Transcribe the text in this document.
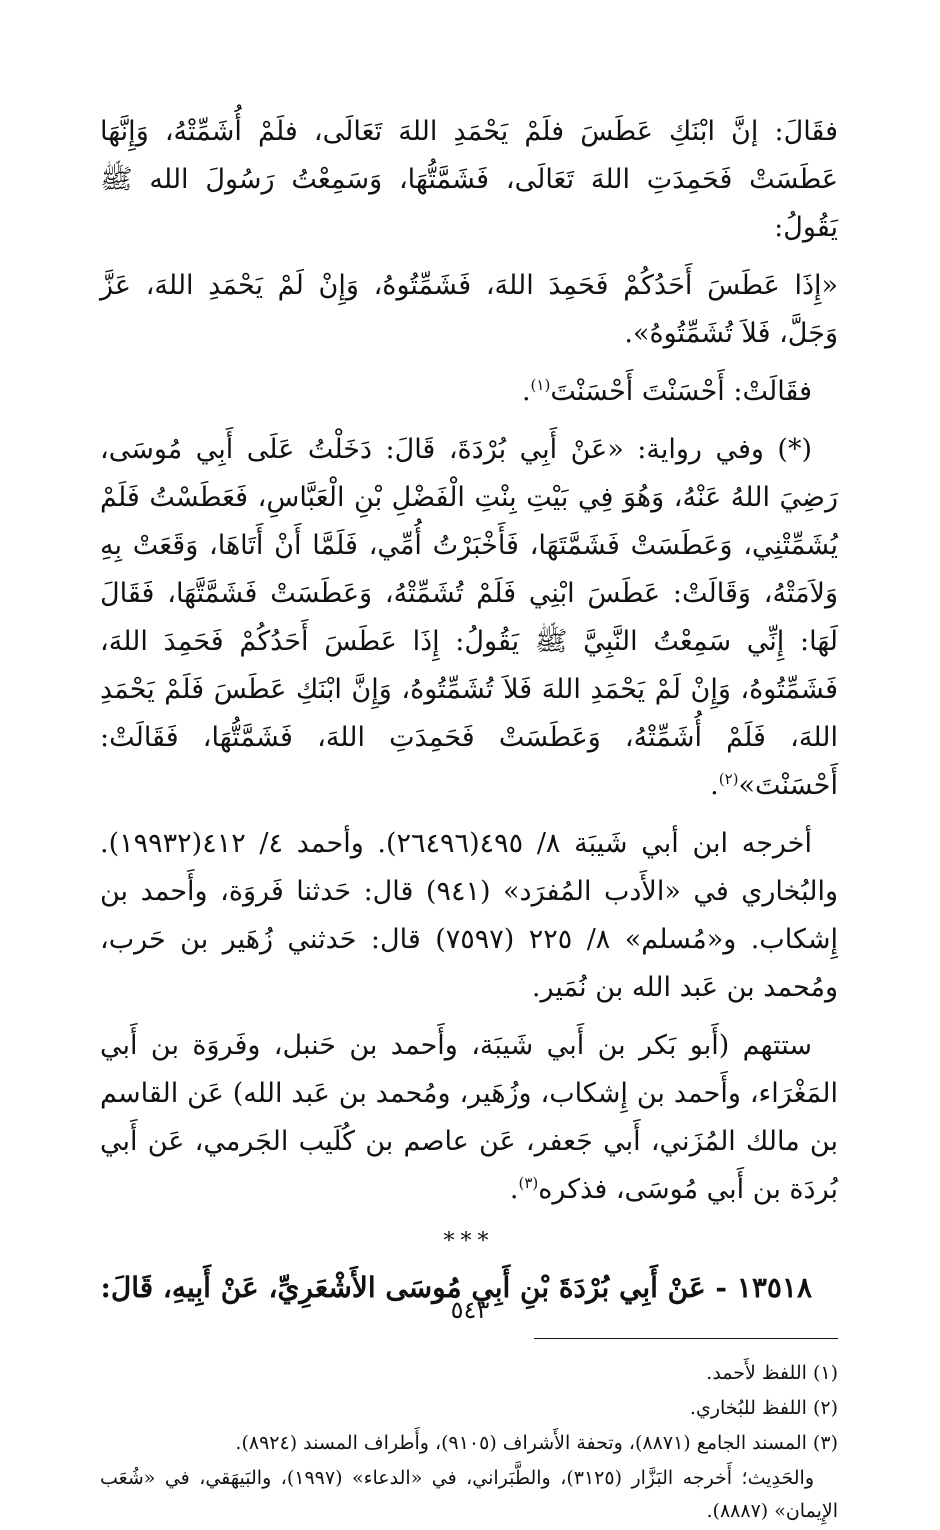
فقَالَ: إنَّ ابْنَكِ عَطَسَ فلَمْ يَحْمَدِ اللهَ تَعَالَى، فلَمْ أُشَمِّتْهُ، وَإِنَّهَا عَطَسَتْ فَحَمِدَتِ اللهَ تَعَالَى، فَشَمَّتُّهَا، وَسَمِعْتُ رَسُولَ الله ﷺ يَقُولُ:

«إِذَا عَطَسَ أَحَدُكُمْ فَحَمِدَ اللهَ، فَشَمِّتُوهُ، وَإِنْ لَمْ يَحْمَدِ اللهَ، عَزَّ وَجَلَّ، فَلاَ تُشَمِّتُوهُ».

فقَالَتْ: أَحْسَنْتَ أَحْسَنْتَ$^{(١)}$.

(*) وفي رواية: «عَنْ أَبِي بُرْدَةَ، قَالَ: دَخَلْتُ عَلَى أَبِي مُوسَى، رَضِيَ اللهُ عَنْهُ، وَهُوَ فِي بَيْتِ بِنْتِ الْفَضْلِ بْنِ الْعَبَّاسِ، فَعَطَسْتُ فَلَمْ يُشَمِّتْنِي، وَعَطَسَتْ فَشَمَّتَهَا، فَأَخْبَرْتُ أُمِّي، فَلَمَّا أَنْ أَتَاهَا، وَقَعَتْ بِهِ وَلاَمَتْهُ، وَقَالَتْ: عَطَسَ ابْنِي فَلَمْ تُشَمِّتْهُ، وَعَطَسَتْ فَشَمَّتَّهَا، فَقَالَ لَهَا: إِنِّي سَمِعْتُ النَّبِيَّ ﷺ يَقُولُ: إِذَا عَطَسَ أَحَدُكُمْ فَحَمِدَ اللهَ، فَشَمِّتُوهُ، وَإِنْ لَمْ يَحْمَدِ اللهَ فَلاَ تُشَمِّتُوهُ، وَإِنَّ ابْنَكِ عَطَسَ فَلَمْ يَحْمَدِ اللهَ، فَلَمْ أُشَمِّتْهُ، وَعَطَسَتْ فَحَمِدَتِ اللهَ، فَشَمَّتُّهَا، فَقَالَتْ: أَحْسَنْتَ»$^{(٢)}$.

أخرجه ابن أبي شَيبَة ٨/ ٤٩٥(٢٦٤٩٦). وأحمد ٤/ ٤١٢(١٩٩٣٢). والبُخاري في «الأَدب المُفرَد» (٩٤١) قال: حَدثنا فَروَة، وأَحمد بن إِشكاب. و«مُسلم» ٨/ ٢٢٥ (٧٥٩٧) قال: حَدثني زُهَير بن حَرب، ومُحمد بن عَبد الله بن نُمَير.

ستتهم (أَبو بَكر بن أَبي شَيبَة، وأَحمد بن حَنبل، وفَروَة بن أَبي المَغْرَاء، وأَحمد بن إِشكاب، وزُهَير، ومُحمد بن عَبد الله) عَن القاسم بن مالك المُزَني، أَبي جَعفر، عَن عاصم بن كُلَيب الجَرمي، عَن أَبي بُردَة بن أَبي مُوسَى، فذكره$^{(٣)}$.

***
١٣٥١٨ - عَنْ أَبِي بُرْدَةَ بْنِ أَبِي مُوسَى الأَشْعَرِيِّ، عَنْ أَبِيهِ، قَالَ:

(١) اللفظ لأَحمد.

(٢) اللفظ للبُخاري.

(٣) المسند الجامع (٨٨٧١)، وتحفة الأَشراف (٩١٠٥)، وأَطراف المسند (٨٩٢٤).

والحَدِيث؛ أَخرجه البَزَّار (٣١٢٥)، والطَّبَراني، في «الدعاء» (١٩٩٧)، والبَيهَقي، في «شُعَب الإِيمان» (٨٨٨٧).

٥٤٣
